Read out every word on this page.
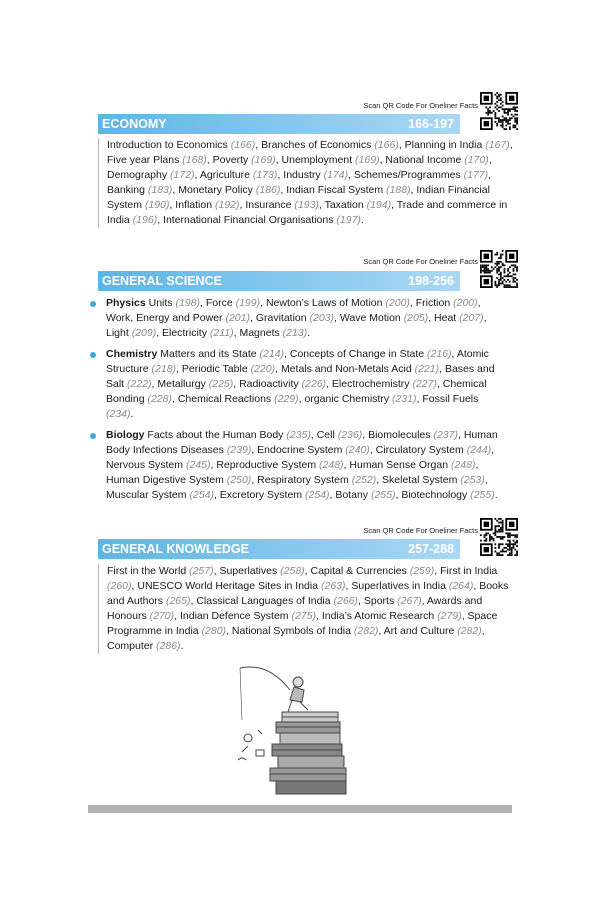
Scan QR Code For Oneliner Facts
ECONOMY	166-197
Introduction to Economics (166), Branches of Economics (166), Planning in India (167), Five year Plans (168), Poverty (169), Unemployment (169), National Income (170), Demography (172), Agriculture (173), Industry (174), Schemes/Programmes (177), Banking (183), Monetary Policy (186), Indian Fiscal System (188), Indian Financial System (190), Inflation (192), Insurance (193), Taxation (194), Trade and commerce in India (196), International Financial Organisations (197).
Scan QR Code For Oneliner Facts
GENERAL SCIENCE	198-256
Physics Units (198), Force (199), Newton’s Laws of Motion (200), Friction (200), Work, Energy and Power (201), Gravitation (203), Wave Motion (205), Heat (207), Light (209), Electricity (211), Magnets (213).
Chemistry Matters and its State (214), Concepts of Change in State (216), Atomic Structure (218), Periodic Table (220), Metals and Non-Metals Acid (221), Bases and Salt (222), Metallurgy (225), Radioactivity (226), Electrochemistry (227), Chemical Bonding (228), Chemical Reactions (229), organic Chemistry (231), Fossil Fuels (234).
Biology Facts about the Human Body (235), Cell (236), Biomolecules (237), Human Body Infections Diseases (239), Endocrine System (240), Circulatory System (244), Nervous System (245), Reproductive System (248), Human Sense Organ (248), Human Digestive System (250), Respiratory System (252), Skeletal System (253), Muscular System (254), Excretory System (254), Botany (255), Biotechnology (255).
Scan QR Code For Oneliner Facts
GENERAL KNOWLEDGE	257-288
First in the World (257), Superlatives (258), Capital & Currencies (259), First in India (260), UNESCO World Heritage Sites in India (263), Superlatives in India (264), Books and Authors (265), Classical Languages of India (266), Sports (267), Awards and Honours (270), Indian Defence System (275), India’s Atomic Research (279), Space Programme in India (280), National Symbols of India (282), Art and Culture (282), Computer (286).
